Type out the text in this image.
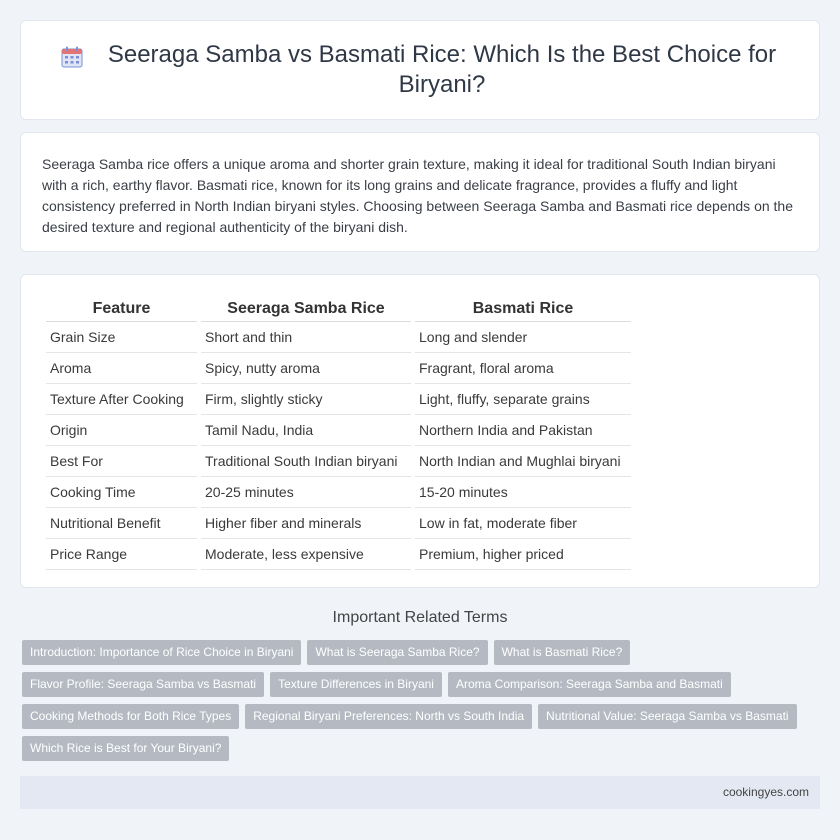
Seeraga Samba vs Basmati Rice: Which Is the Best Choice for Biryani?

Seeraga Samba rice offers a unique aroma and shorter grain texture, making it ideal for traditional South Indian biryani with a rich, earthy flavor. Basmati rice, known for its long grains and delicate fragrance, provides a fluffy and light consistency preferred in North Indian biryani styles. Choosing between Seeraga Samba and Basmati rice depends on the desired texture and regional authenticity of the biryani dish.

Feature	Seeraga Samba Rice	Basmati Rice
Grain Size	Short and thin	Long and slender
Aroma	Spicy, nutty aroma	Fragrant, floral aroma
Texture After Cooking	Firm, slightly sticky	Light, fluffy, separate grains
Origin	Tamil Nadu, India	Northern India and Pakistan
Best For	Traditional South Indian biryani	North Indian and Mughlai biryani
Cooking Time	20-25 minutes	15-20 minutes
Nutritional Benefit	Higher fiber and minerals	Low in fat, moderate fiber
Price Range	Moderate, less expensive	Premium, higher priced
Important Related Terms
Introduction: Importance of Rice Choice in Biryani	What is Seeraga Samba Rice?	What is Basmati Rice?
Flavor Profile: Seeraga Samba vs Basmati	Texture Differences in Biryani	Aroma Comparison: Seeraga Samba and Basmati
Cooking Methods for Both Rice Types	Regional Biryani Preferences: North vs South India	Nutritional Value: Seeraga Samba vs Basmati
Which Rice is Best for Your Biryani?
cookingyes.com
